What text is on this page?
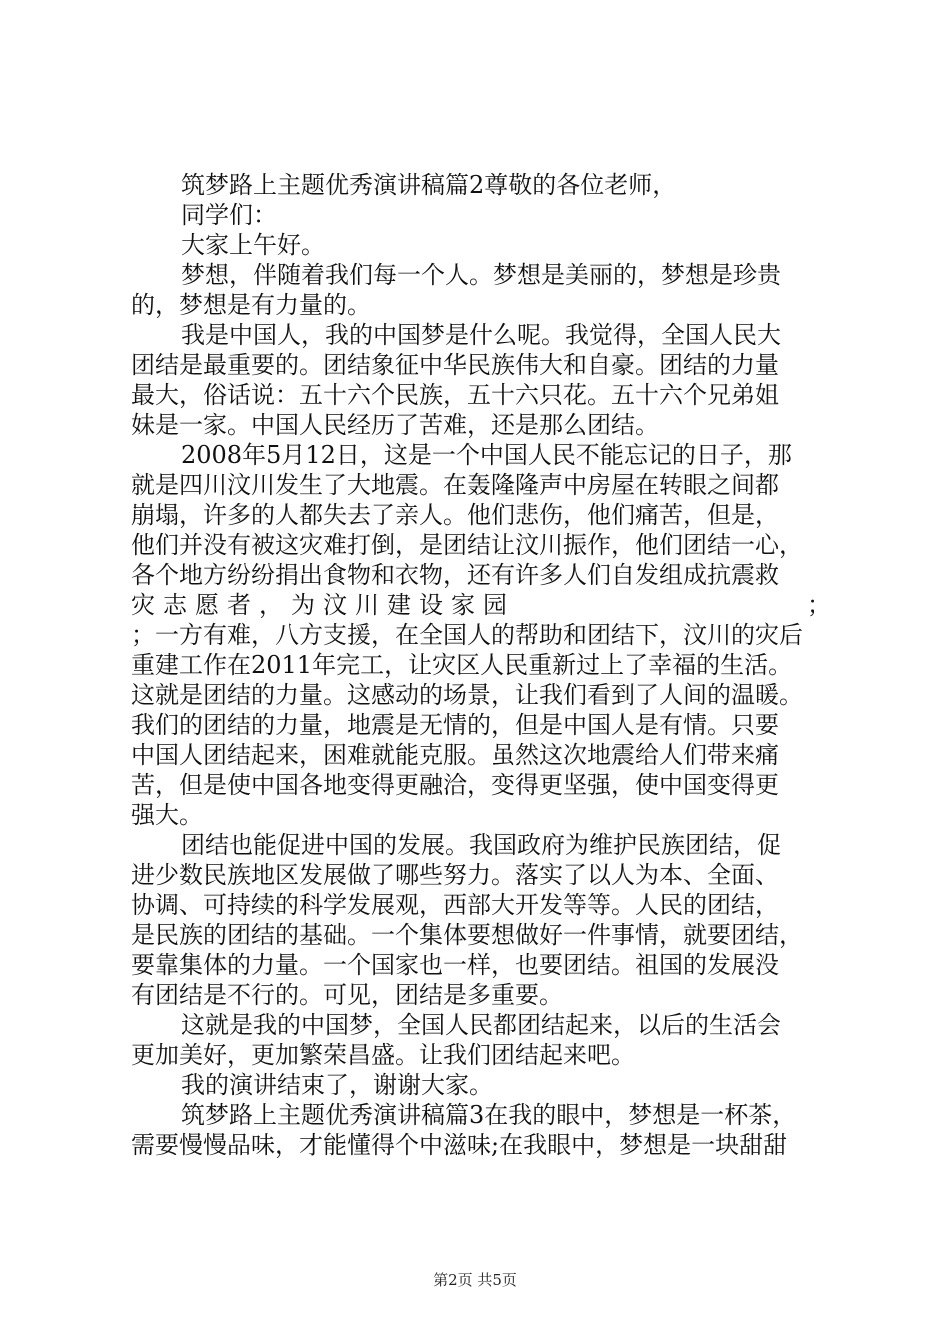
筑梦路上主题优秀演讲稿篇2尊敬的各位老师，
同学们：
大家上午好。
梦想，伴随着我们每一个人。梦想是美丽的，梦想是珍贵
的，梦想是有力量的。
我是中国人，我的中国梦是什么呢。我觉得，全国人民大
团结是最重要的。团结象征中华民族伟大和自豪。团结的力量
最大，俗话说：五十六个民族，五十六只花。五十六个兄弟姐
妹是一家。中国人民经历了苦难，还是那么团结。
2008年5月12日，这是一个中国人民不能忘记的日子，那
就是四川汶川发生了大地震。在轰隆隆声中房屋在转眼之间都
崩塌，许多的人都失去了亲人。他们悲伤，他们痛苦，但是，
他们并没有被这灾难打倒，是团结让汶川振作，他们团结一心，
各个地方纷纷捐出食物和衣物，还有许多人们自发组成抗震救
灾志愿者，为汶川建设家园	；
；一方有难，八方支援，在全国人的帮助和团结下，汶川的灾后
重建工作在2011年完工，让灾区人民重新过上了幸福的生活。
这就是团结的力量。这感动的场景，让我们看到了人间的温暖。
我们的团结的力量，地震是无情的，但是中国人是有情。只要
中国人团结起来，困难就能克服。虽然这次地震给人们带来痛
苦，但是使中国各地变得更融洽，变得更坚强，使中国变得更
强大。
团结也能促进中国的发展。我国政府为维护民族团结，促
进少数民族地区发展做了哪些努力。落实了以人为本、全面、
协调、可持续的科学发展观，西部大开发等等。人民的团结，
是民族的团结的基础。一个集体要想做好一件事情，就要团结，
要靠集体的力量。一个国家也一样，也要团结。祖国的发展没
有团结是不行的。可见，团结是多重要。
这就是我的中国梦，全国人民都团结起来，以后的生活会
更加美好，更加繁荣昌盛。让我们团结起来吧。
我的演讲结束了，谢谢大家。
筑梦路上主题优秀演讲稿篇3在我的眼中，梦想是一杯茶，
需要慢慢品味，才能懂得个中滋味;在我眼中，梦想是一块甜甜
第2页 共5页
